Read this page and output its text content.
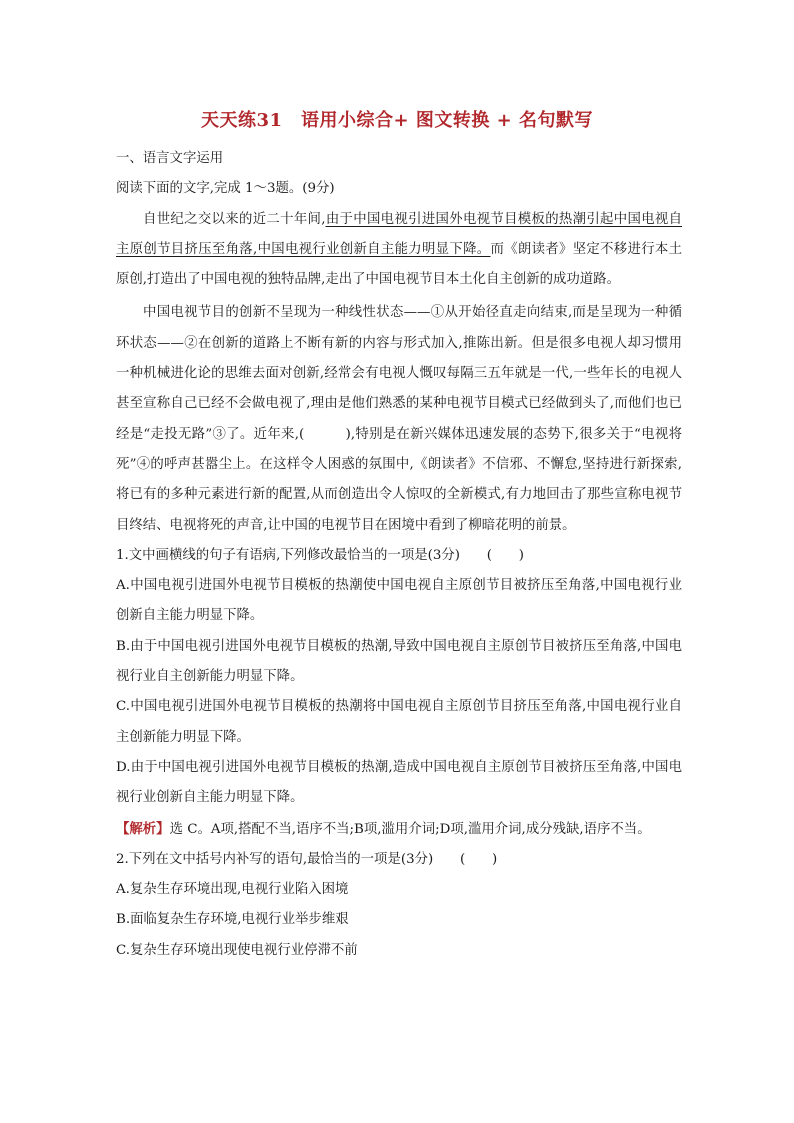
天天练31　语用小综合+ 图文转换 + 名句默写
一、语言文字运用
阅读下面的文字,完成 1～3题。(9分)
自世纪之交以来的近二十年间,由于中国电视引进国外电视节目模板的热潮引起中国电视自主原创节目挤压至角落,中国电视行业创新自主能力明显下降。而《朗读者》坚定不移进行本土原创,打造出了中国电视的独特品牌,走出了中国电视节目本土化自主创新的成功道路。
中国电视节目的创新不呈现为一种线性状态——①从开始径直走向结束,而是呈现为一种循环状态——②在创新的道路上不断有新的内容与形式加入,推陈出新。但是很多电视人却习惯用一种机械进化论的思维去面对创新,经常会有电视人慨叹每隔三五年就是一代,一些年长的电视人甚至宣称自己已经不会做电视了,理由是他们熟悉的某种电视节目模式已经做到头了,而他们也已经是“走投无路”③了。近年来,(　　　),特别是在新兴媒体迅速发展的态势下,很多关于“电视将死”④的呼声甚嚣尘上。在这样令人困惑的氛围中,《朗读者》不信邪、不懈怠,坚持进行新探索,将已有的多种元素进行新的配置,从而创造出令人惊叹的全新模式,有力地回击了那些宣称电视节目终结、电视将死的声音,让中国的电视节目在困境中看到了柳暗花明的前景。
1.文中画横线的句子有语病,下列修改最恰当的一项是(3分)　　 (　　)
A.中国电视引进国外电视节目模板的热潮使中国电视自主原创节目被挤压至角落,中国电视行业创新自主能力明显下降。
B.由于中国电视引进国外电视节目模板的热潮,导致中国电视自主原创节目被挤压至角落,中国电视行业自主创新能力明显下降。
C.中国电视引进国外电视节目模板的热潮将中国电视自主原创节目挤压至角落,中国电视行业自主创新能力明显下降。
D.由于中国电视引进国外电视节目模板的热潮,造成中国电视自主原创节目被挤压至角落,中国电视行业创新自主能力明显下降。
【解析】选 C。A项,搭配不当,语序不当;B项,滥用介词;D项,滥用介词,成分残缺,语序不当。
2.下列在文中括号内补写的语句,最恰当的一项是(3分)　　 (　　)
A.复杂生存环境出现,电视行业陷入困境
B.面临复杂生存环境,电视行业举步维艰
C.复杂生存环境出现使电视行业停滞不前
